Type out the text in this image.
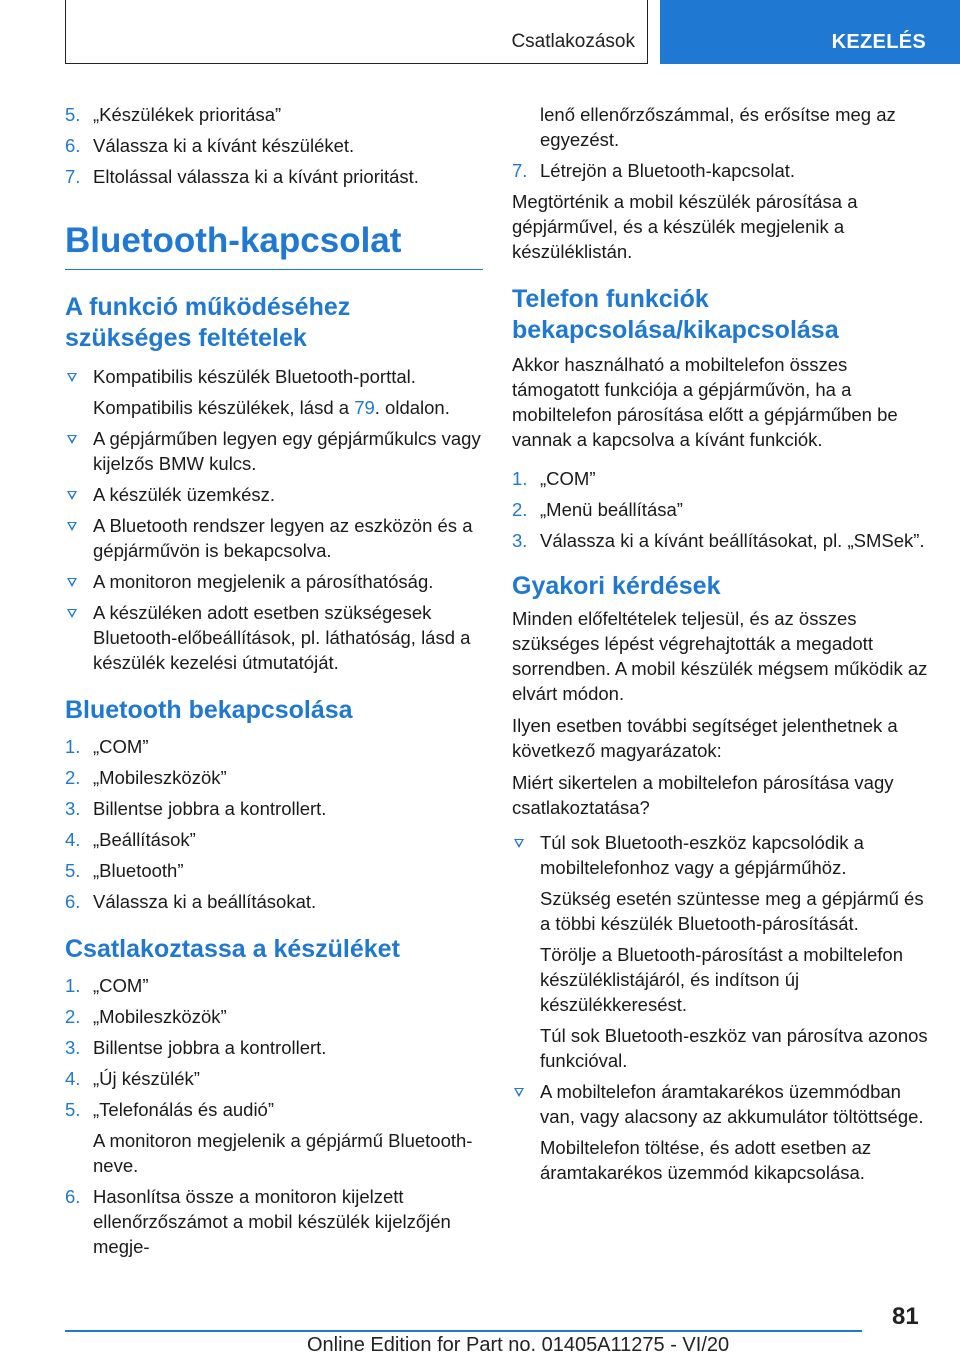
Csatlakozások	KEZELÉS
5. „Készülékek prioritása”
6. Válassza ki a kívánt készüléket.
7. Eltolással válassza ki a kívánt prioritást.
Bluetooth-kapcsolat
A funkció működéséhez szükséges feltételek
Kompatibilis készülék Bluetooth-porttal.
Kompatibilis készülékek, lásd a 79. oldalon.
A gépjárműben legyen egy gépjárműkulcs vagy kijelzős BMW kulcs.
A készülék üzemkész.
A Bluetooth rendszer legyen az eszközön és a gépjárművön is bekapcsolva.
A monitoron megjelenik a párosíthatóság.
A készüléken adott esetben szükségesek Bluetooth-előbeállítások, pl. láthatóság, lásd a készülék kezelési útmutatóját.
Bluetooth bekapcsolása
1. „COM”
2. „Mobileszközök”
3. Billentse jobbra a kontrollert.
4. „Beállítások”
5. „Bluetooth”
6. Válassza ki a beállításokat.
Csatlakoztassa a készüléket
1. „COM”
2. „Mobileszközök”
3. Billentse jobbra a kontrollert.
4. „Új készülék”
5. „Telefonálás és audió”
A monitoron megjelenik a gépjármű Bluetooth-neve.
6. Hasonlítsa össze a monitoron kijelzett ellenőrzőszámot a mobil készülék kijelzőjén megje-
lenő ellenőrzőszámmal, és erősítse meg az egyezést.
7. Létrejön a Bluetooth-kapcsolat.

Megtörténik a mobil készülék párosítása a gépjárművel, és a készülék megjelenik a készüléklistán.

Telefon funkciók bekapcsolása/kikapcsolása

Akkor használható a mobiltelefon összes támogatott funkciója a gépjárművön, ha a mobiltelefon párosítása előtt a gépjárműben be vannak a kapcsolva a kívánt funkciók.

1. „COM”
2. „Menü beállítása”
3. Válassza ki a kívánt beállításokat, pl. „SMSek”.
Gyakori kérdések

Minden előfeltételek teljesül, és az összes szükséges lépést végrehajtották a megadott sorrendben. A mobil készülék mégsem működik az elvárt módon.

Ilyen esetben további segítséget jelenthetnek a következő magyarázatok:

Miért sikertelen a mobiltelefon párosítása vagy csatlakoztatása?

Túl sok Bluetooth-eszköz kapcsolódik a mobiltelefonhoz vagy a gépjárműhöz.
Szükség esetén szüntesse meg a gépjármű és a többi készülék Bluetooth-párosítását.
Törölje a Bluetooth-párosítást a mobiltelefon készüléklistájáról, és indítson új készülékkeresést.
Túl sok Bluetooth-eszköz van párosítva azonos funkcióval.
A mobiltelefon áramtakarékos üzemmódban van, vagy alacsony az akkumulátor töltöttsége.
Mobiltelefon töltése, és adott esetben az áramtakarékos üzemmód kikapcsolása.
81
Online Edition for Part no. 01405A11275 - VI/20
